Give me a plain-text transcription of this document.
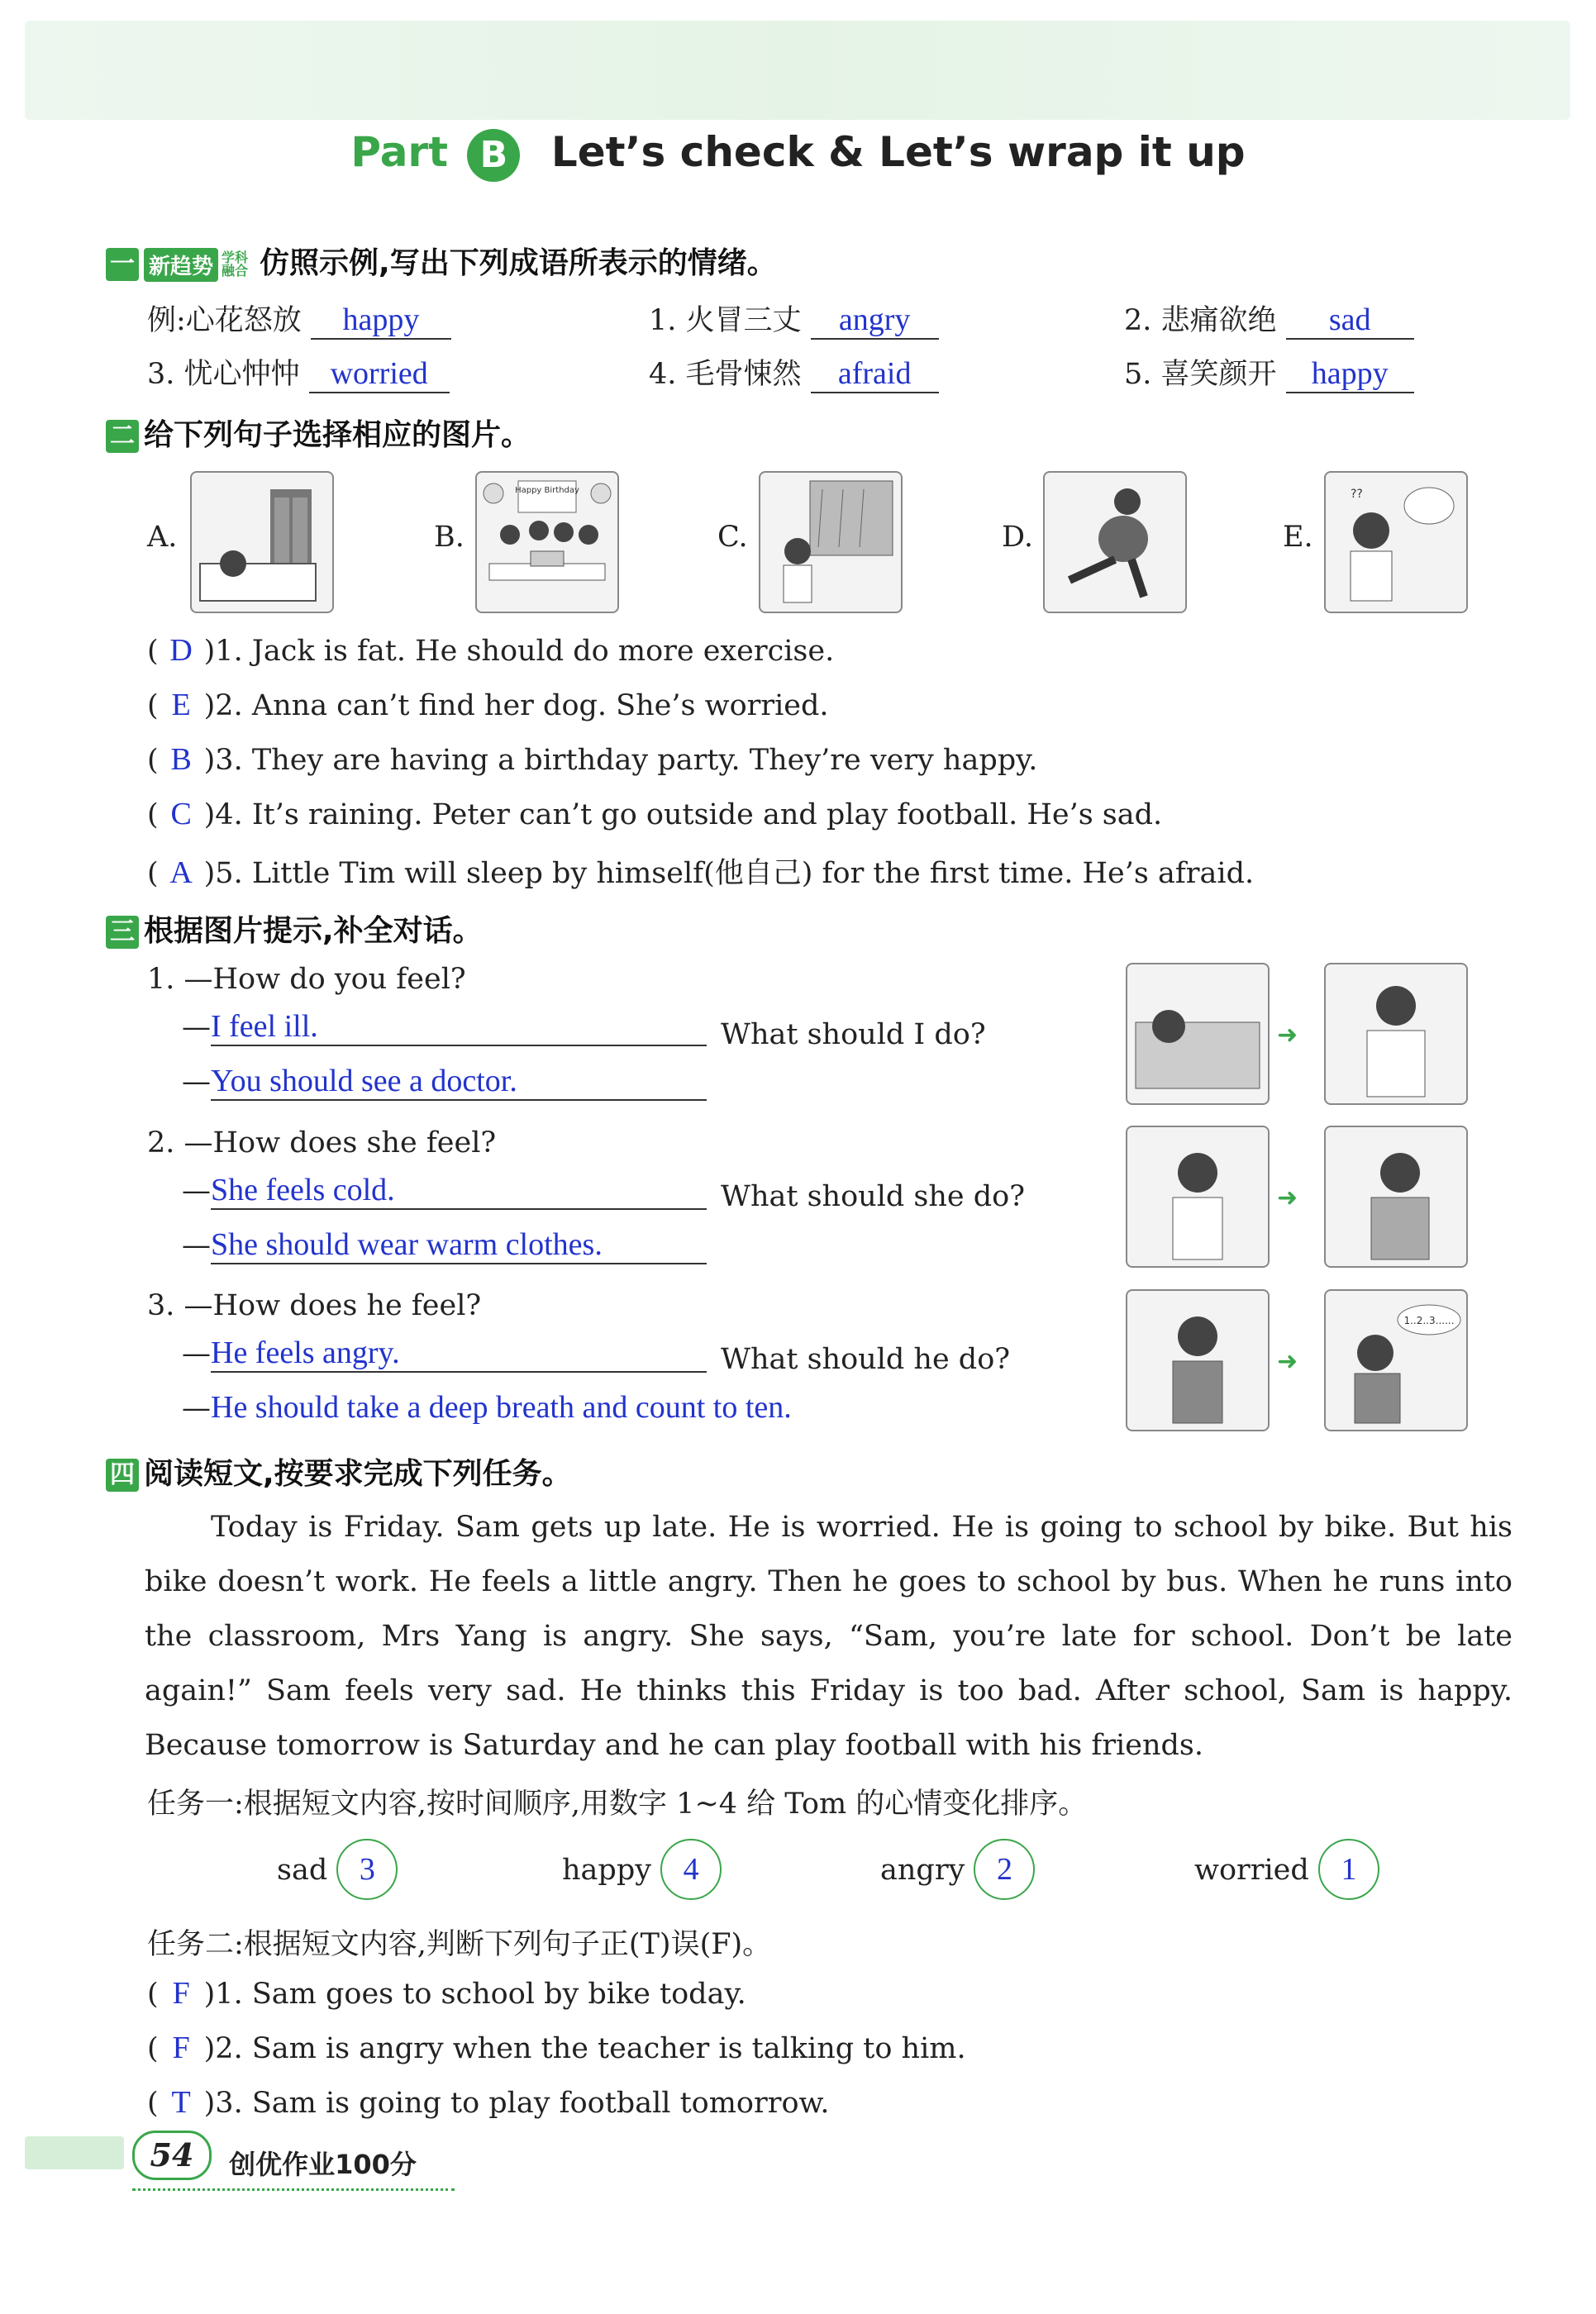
Part B Let’s check & Let’s wrap it up
一 新趋势 学科融合 仿照示例,写出下列成语所表示的情绪。
例:心花怒放 happy	1. 火冒三丈 angry	2. 悲痛欲绝 sad
3. 忧心忡忡 worried	4. 毛骨悚然 afraid	5. 喜笑颜开 happy
二 给下列句子选择相应的图片。
A.	B.
Happy Birthday
C.	D.	E.
??
( D )1. Jack is fat. He should do more exercise.
( E )2. Anna can’t find her dog. She’s worried.
( B )3. They are having a birthday party. They’re very happy.
( C )4. It’s raining. Peter can’t go outside and play football. He’s sad.
( A )5. Little Tim will sleep by himself(他自己) for the first time. He’s afraid.
三 根据图片提示,补全对话。
1. —How do you feel?
—I feel ill.	What should I do?
—You should see a doctor.
➜
2. —How does she feel?
—She feels cold.	What should she do?
—She should wear warm clothes.
➜
3. —How does he feel?
—He feels angry.	What should he do?
—He should take a deep breath and count to ten.
➜
1..2..3......
四 阅读短文,按要求完成下列任务。
Today is Friday. Sam gets up late. He is worried. He is going to school by bike. But his bike doesn’t work. He feels a little angry. Then he goes to school by bus. When he runs into the classroom, Mrs Yang is angry. She says, “Sam, you’re late for school. Don’t be late again!” Sam feels very sad. He thinks this Friday is too bad. After school, Sam is happy. Because tomorrow is Saturday and he can play football with his friends.
任务一:根据短文内容,按时间顺序,用数字 1~4 给 Tom 的心情变化排序。
sad 3	happy 4	angry 2	worried 1
任务二:根据短文内容,判断下列句子正(T)误(F)。
( F )1. Sam goes to school by bike today.
( F )2. Sam is angry when the teacher is talking to him.
( T )3. Sam is going to play football tomorrow.
54 创优作业100分
